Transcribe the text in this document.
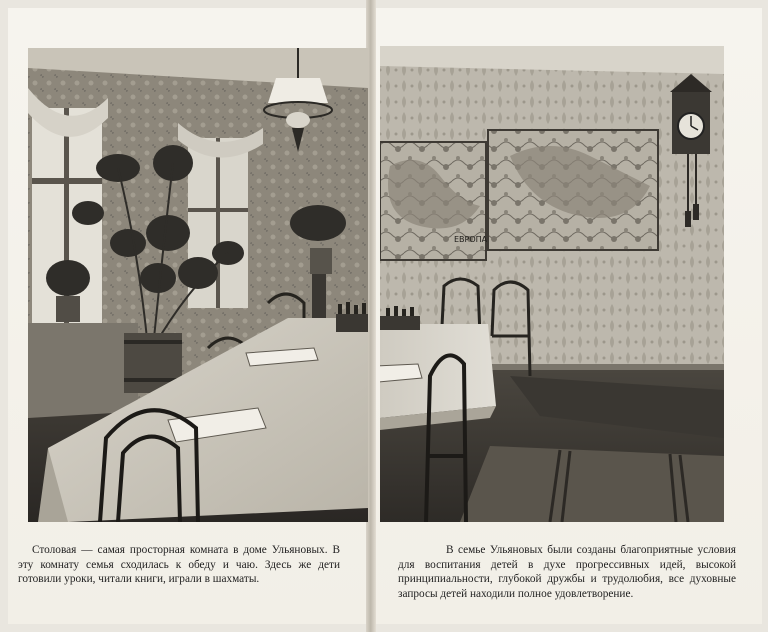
ЕВРОПА

Столовая — самая просторная комната в доме Ульяновых. В эту комнату семья сходилась к обеду и чаю. Здесь же дети готовили уроки, читали книги, играли в шахматы.

В семье Ульяновых были созданы благоприятные условия для воспитания детей в духе прогрессивных идей, высокой принципиальности, глубокой дружбы и трудолюбия, все духовные запросы детей находили полное удовлетворение.
